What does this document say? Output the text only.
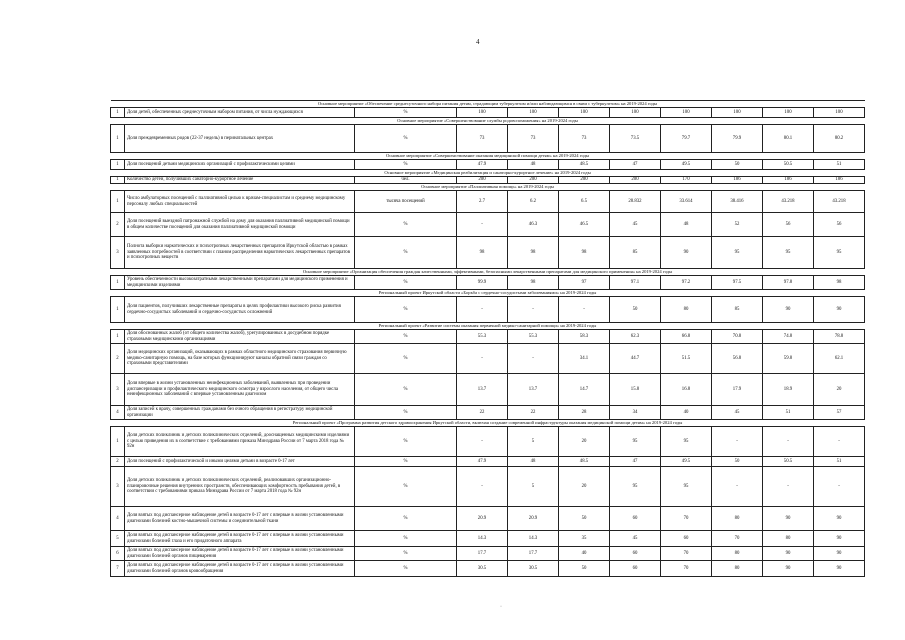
4
Основное мероприятие «Обеспечение среднесуточного набора питания детям, страдающим туберкулезом и/или наблюдающимся в связи с туберкулезом» на 2019-2024 годы										
1	Доля детей, обеспеченных среднесуточным набором питания, от числа нуждающихся	%	100	100	100	100	100	100	100	100
Основное мероприятие «Совершенствование службы родовспоможения» на 2019-2024 годы										
1	Доля преждевременных родов (22-37 недель) в перинатальных центрах	%	73	73	73	73.5	79.7	79.9	80.1	80.2
Основное мероприятие «Совершенствование оказания медицинской помощи детям» на 2019-2024 годы										
1	Доля посещений детьми медицинских организаций с профилактическими целями	%	47.9	48	48.5	47	49.5	50	50.5	51
Основное мероприятие «Медицинская реабилитация и санаторно-курортное лечение» на 2019-2024 годы										
1	Количество детей, получивших санаторно-курортное лечение	чел.	200	200	200	200	170	186	186	186
Основное мероприятие «Паллиативная помощь» на 2019-2024 годы										
1	Число амбулаторных посещений с паллиативной целью к врачам-специалистам и среднему медицинскому персоналу любых специальностей	тысяча посещений	2.7	6.2	6.5	28.832	33.614	38.416	43.218	43.218
2	Доля посещений выездной патронажной службой на дому для оказания паллиативной медицинской помощи в общем количестве посещений для оказания паллиативной медицинской помощи	%	-	46.3	46.5	45	48	52	56	56
3	Полнота выборки наркотических и психотропных лекарственных препаратов Иркутской областью в рамках заявленных потребностей в соответствии с планом распределения наркотических лекарственных препаратов и психотропных веществ	%	98	98	98	85	90	95	95	95
Основное мероприятие «Организация обеспечения граждан качественными, эффективными, безопасными лекарственными препаратами для медицинского применения» на 2019-2024 годы										
1	Уровень обеспеченности высокозатратными лекарственными препаратами для медицинского применения и медицинскими изделиями	%	99.9	98	97	97.1	97.2	97.5	97.8	98
Региональный проект Иркутской области «Борьба с сердечно-сосудистыми заболеваниями» на 2019-2024 годы										
1	Доля пациентов, получивших лекарственные препараты в целях профилактики высокого риска развития сердечно-сосудистых заболеваний и сердечно-сосудистых осложнений	%	-	-	-	50	80	85	90	90
Региональный проект «Развитие системы оказания первичной медико-санитарной помощи» на 2019-2024 годы										
1	Доля обоснованных жалоб (от общего количества жалоб), урегулированных в досудебном порядке страховыми медицинскими организациями	%	55.3	55.3	58.3	62.3	66.8	70.8	74.8	78.8
2	Доля медицинских организаций, оказывающих в рамках областного медицинского страхования первичную медико-санитарную помощь, на базе которых функционируют каналы обратной связи граждан со страховыми представителями	%	-	-	34.1	44.7	51.5	56.8	59.8	62.1
3	Доля впервые в жизни установленных неинфекционных заболеваний, выявленных при проведении диспансеризации и профилактического медицинского осмотра у взрослого населения, от общего числа неинфекционных заболеваний с впервые установленным диагнозом	%	13.7	13.7	14.7	15.8	16.8	17.9	18.9	20
4	Доля записей к врачу, совершенных гражданами без очного обращения в регистратуру медицинской организации	%	22	22	28	34	40	45	51	57
Региональный проект «Программа развития детского здравоохранения Иркутской области, включая создание современной инфраструктуры оказания медицинской помощи детям» на 2019-2024 годы										
1	Доля детских поликлиник и детских поликлинических отделений, дооснащенных медицинскими изделиями с целью приведения их в соответствие с требованиями приказа Минздрава России от 7 марта 2018 года № 92н	%	-	5	20	95	95	-	-	-
2	Доля посещений с профилактической и иными целями детьми в возрасте 0-17 лет	%	47.9	48	48.5	47	49.5	50	50.5	51
3	Доля детских поликлиник и детских поликлинических отделений, реализовавших организационно-планировочные решения внутренних пространств, обеспечивающих комфортность пребывания детей, в соответствии с требованиями приказа Минздрава России от 7 марта 2018 года № 92н	%	-	5	20	95	95	-	-	-
4	Доля взятых под диспансерное наблюдение детей в возрасте 0-17 лет с впервые в жизни установленными диагнозами болезней костно-мышечной системы и соединительной ткани	%	20.9	20.9	50	60	70	80	90	90
5	Доля взятых под диспансерное наблюдение детей в возрасте 0-17 лет с впервые в жизни установленными диагнозами болезней глаза и его придаточного аппарата	%	14.3	14.3	35	45	60	70	80	90
6	Доля взятых под диспансерное наблюдение детей в возрасте 0-17 лет с впервые в жизни установленными диагнозами болезней органов пищеварения	%	17.7	17.7	40	60	70	80	90	90
7	Доля взятых под диспансерное наблюдение детей в возрасте 0-17 лет с впервые в жизни установленными диагнозами болезней органов кровообращения	%	30.5	30.5	50	60	70	80	90	90
·
